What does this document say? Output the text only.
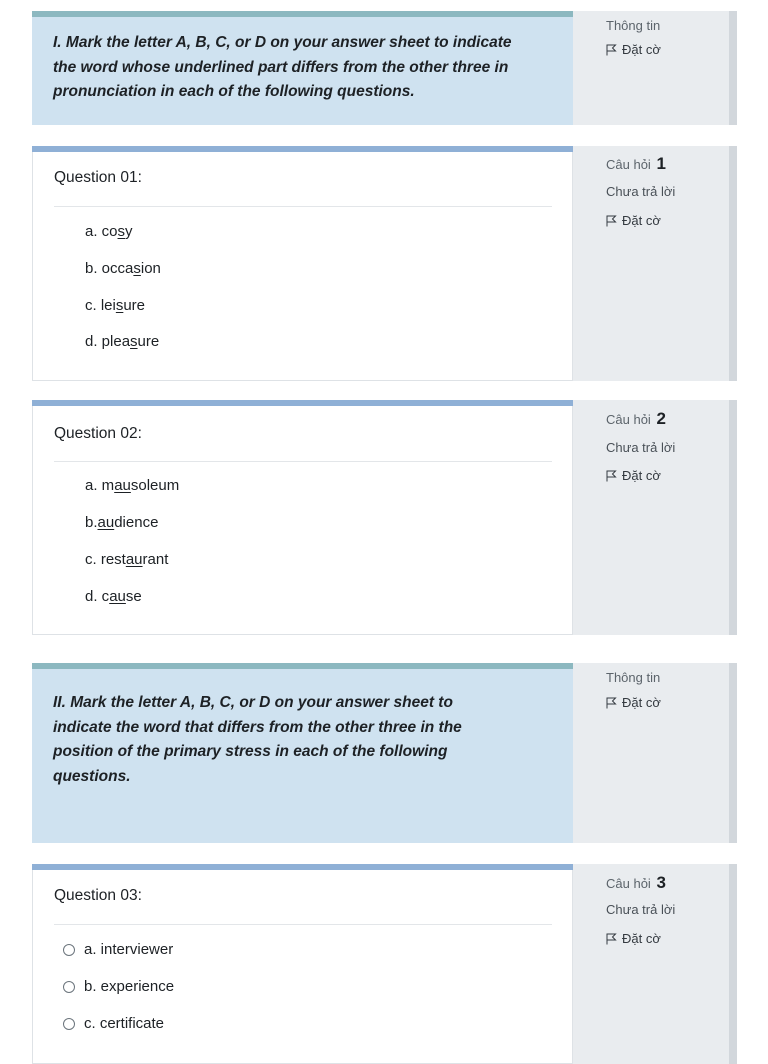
I. Mark the letter A, B, C, or D on your answer sheet to indicate
the word whose underlined part differs from the other three in
pronunciation in each of the following questions.
Thông tin
Đặt cờ
Question 01:
a. co s y
b. occa s ion
c. lei s ure
d. plea s ure
Câu hỏi 1
Chưa trả lời
Đặt cờ
Question 02:
a. m au soleum
b. au dience
c. rest au rant
d. c au se
Câu hỏi 2
Chưa trả lời
Đặt cờ
II. Mark the letter A, B, C, or D on your answer sheet to
indicate the word that differs from the other three in the
position of the primary stress in each of the following
questions.
Thông tin
Đặt cờ
Question 03:
a. interviewer
b. experience
c. certificate
Câu hỏi 3
Chưa trả lời
Đặt cờ
